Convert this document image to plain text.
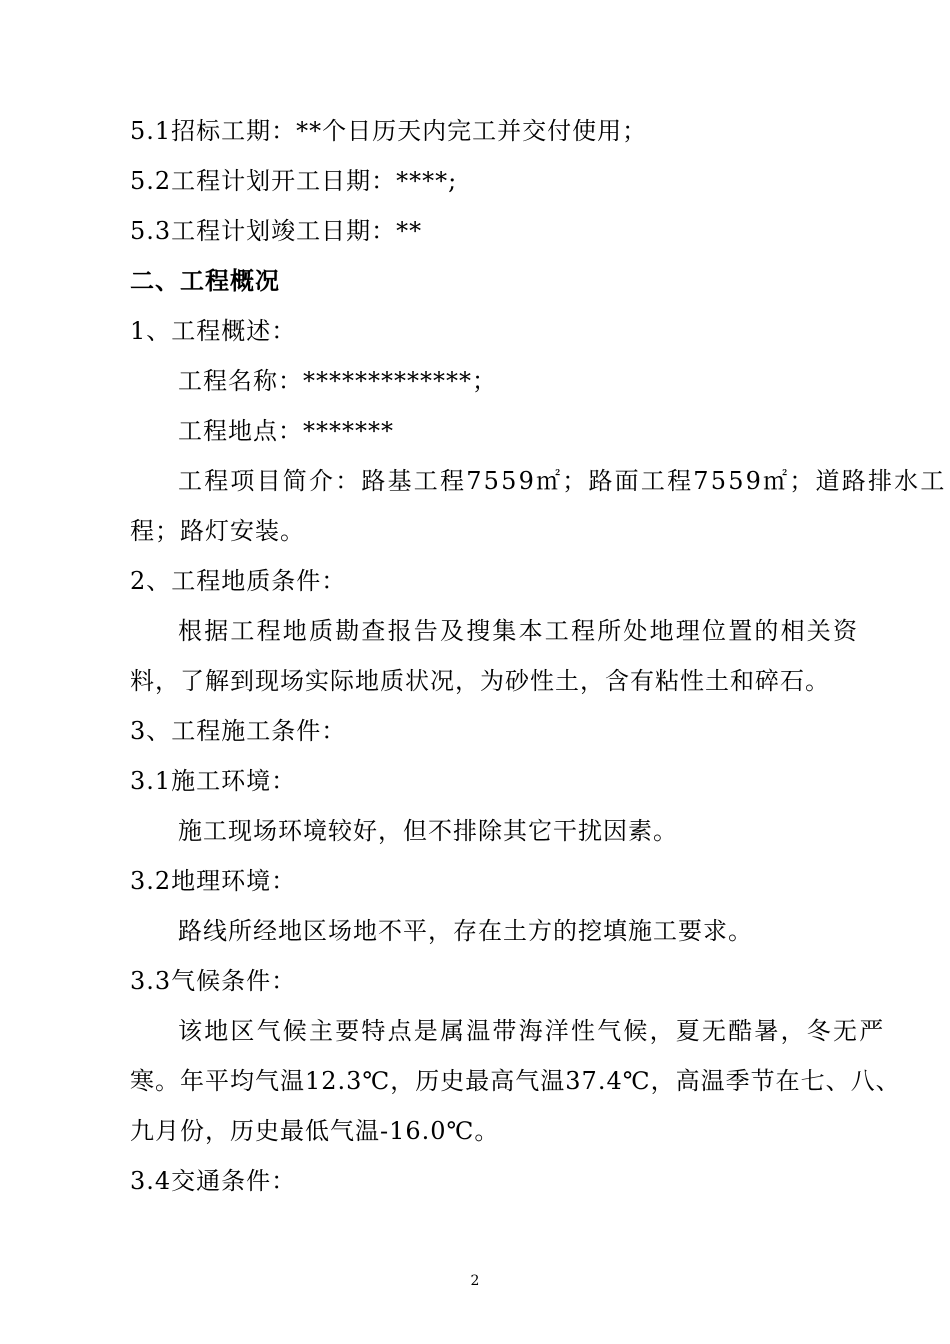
5.1招标工期：**个日历天内完工并交付使用；
5.2工程计划开工日期：****;
5.3工程计划竣工日期：**
二、工程概况
1、工程概述：
工程名称：*************；
工程地点：*******
工程项目简介：路基工程7559㎡；路面工程7559㎡；道路排水工
程；路灯安装。
2、工程地质条件：
根据工程地质勘查报告及搜集本工程所处地理位置的相关资
料，了解到现场实际地质状况，为砂性土，含有粘性土和碎石。
3、工程施工条件：
3.1施工环境：
施工现场环境较好，但不排除其它干扰因素。
3.2地理环境：
路线所经地区场地不平，存在土方的挖填施工要求。
3.3气候条件：
该地区气候主要特点是属温带海洋性气候，夏无酷暑，冬无严
寒。年平均气温12.3℃，历史最高气温37.4℃，高温季节在七、八、
九月份，历史最低气温-16.0℃。
3.4交通条件：
2
